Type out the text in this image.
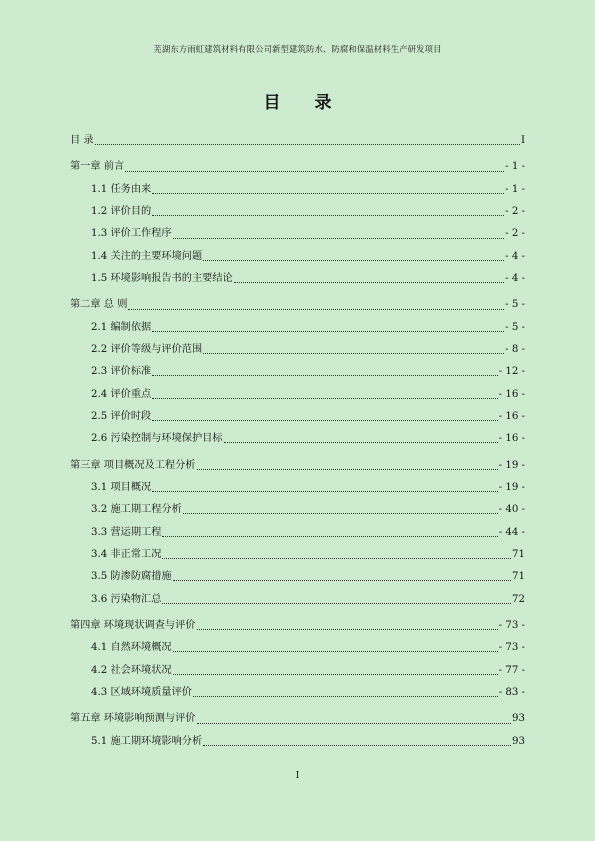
芜湖东方雨虹建筑材料有限公司新型建筑防水、防腐和保温材料生产研发项目
目 录
目 录	I
第一章 前言	- 1 -
1.1 任务由来	- 1 -
1.2 评价目的	- 2 -
1.3 评价工作程序	- 2 -
1.4 关注的主要环境问题	- 4 -
1.5 环境影响报告书的主要结论	- 4 -
第二章 总 则	- 5 -
2.1 编制依据	- 5 -
2.2 评价等级与评价范围	- 8 -
2.3 评价标准	- 12 -
2.4 评价重点	- 16 -
2.5 评价时段	- 16 -
2.6 污染控制与环境保护目标	- 16 -
第三章 项目概况及工程分析	- 19 -
3.1 项目概况	- 19 -
3.2 施工期工程分析	- 40 -
3.3 营运期工程	- 44 -
3.4 非正常工况	71
3.5 防渗防腐措施	71
3.6 污染物汇总	72
第四章 环境现状调查与评价	- 73 -
4.1 自然环境概况	- 73 -
4.2 社会环境状况	- 77 -
4.3 区域环境质量评价	- 83 -
第五章 环境影响预测与评价	93
5.1 施工期环境影响分析	93
I
